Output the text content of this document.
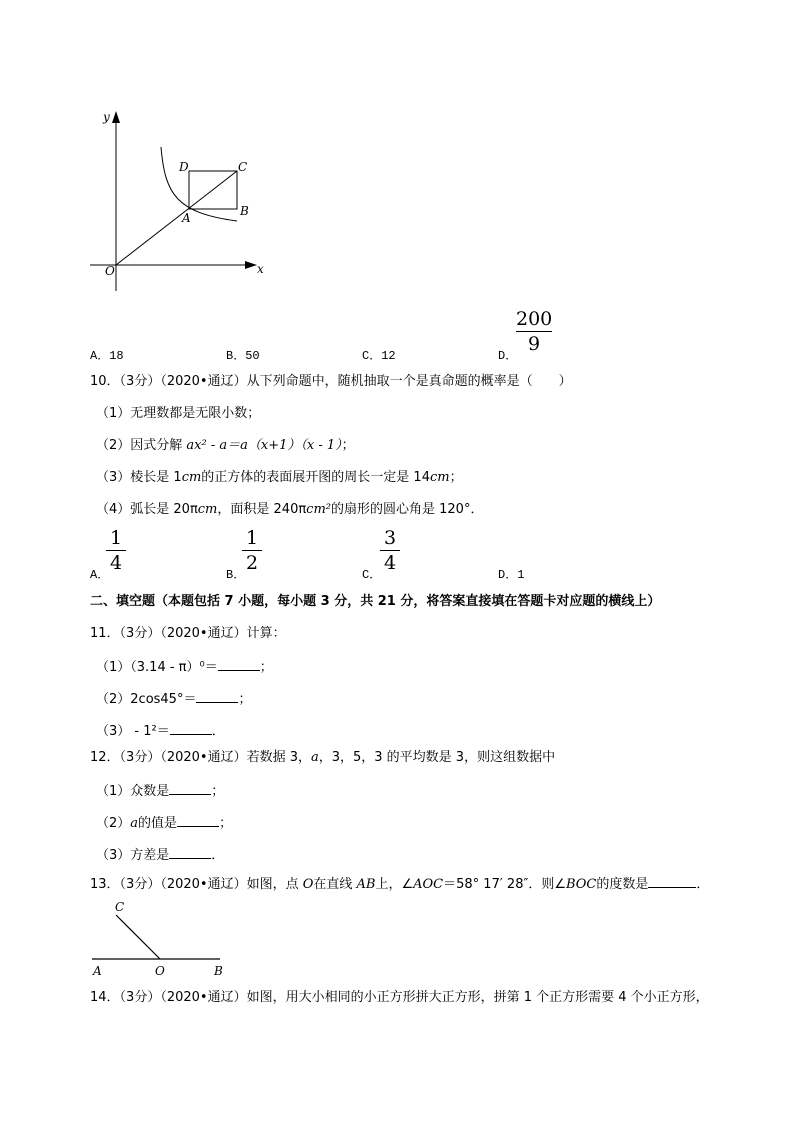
y
x
O
A	B
C
D
A．18	B．50	C．12	D．
200
9
10．（3分）（2020•通辽）从下列命题中，随机抽取一个是真命题的概率是（　　）
（1）无理数都是无限小数；
（2）因式分解 ax² - a＝a（x+1）（x - 1）；
（3）棱长是 1cm的正方体的表面展开图的周长一定是 14cm；
（4）弧长是 20πcm，面积是 240πcm²的扇形的圆心角是 120°．
A．
1
4
B．
1
2
C．
3
4
D．1
二、填空题（本题包括 7 小题，每小题 3 分，共 21 分，将答案直接填在答题卡对应题的横线上）
11．（3分）（2020•通辽）计算：
（1）（3.14 - π）⁰＝	；
（2）2cos45°＝	；
（3） - 1²＝	．
12．（3分）（2020•通辽）若数据 3，a，3，5，3 的平均数是 3，则这组数据中
（1）众数是	；
（2）a的值是	；
（3）方差是	．
13．（3分）（2020•通辽）如图，点 O在直线 AB上，∠AOC＝58° 17′ 28″．则∠BOC的度数是	．
C
A	O	B
14．（3分）（2020•通辽）如图，用大小相同的小正方形拼大正方形，拼第 1 个正方形需要 4 个小正方形，
